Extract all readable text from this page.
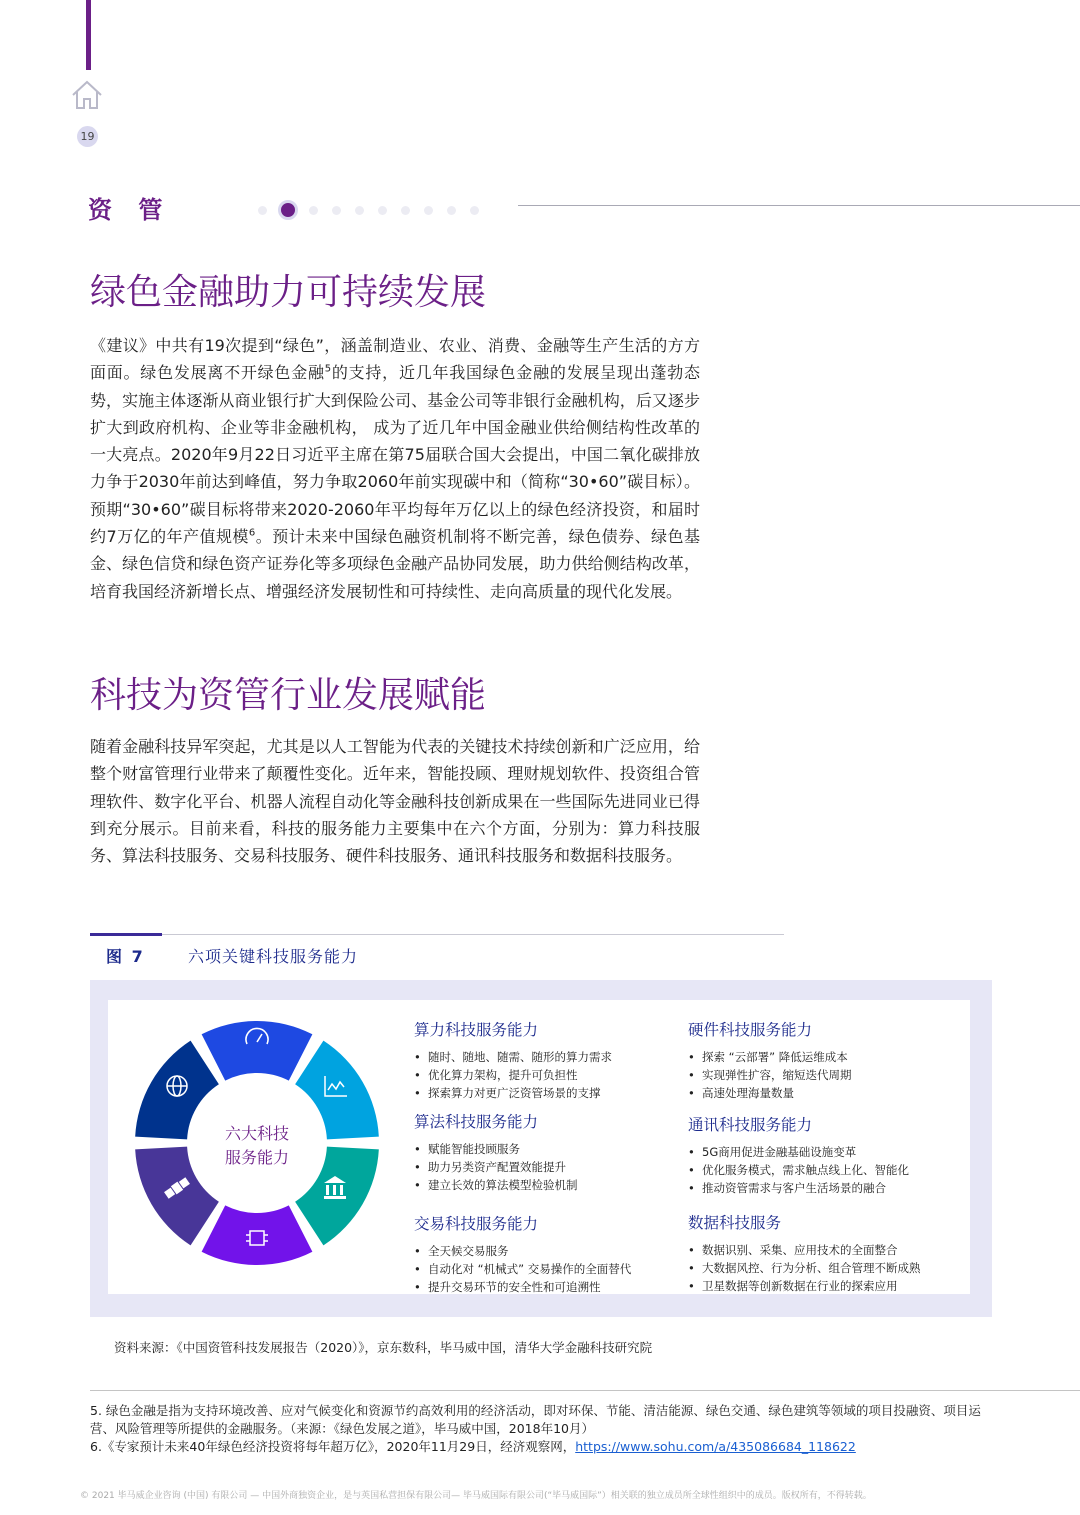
19
资 管
绿色金融助力可持续发展
《建议》中共有19次提到“绿色”，涵盖制造业、农业、消费、金融等生产生活的方方面面。绿色发展离不开绿色金融$^5$的支持，近几年我国绿色金融的发展呈现出蓬勃态势，实施主体逐渐从商业银行扩大到保险公司、基金公司等非银行金融机构，后又逐步扩大到政府机构、企业等非金融机构， 成为了近几年中国金融业供给侧结构性改革的一大亮点。2020年9月22日习近平主席在第75届联合国大会提出，中国二氧化碳排放力争于2030年前达到峰值，努力争取2060年前实现碳中和（简称“30•60”碳目标）。预期“30•60”碳目标将带来2020-2060年平均每年万亿以上的绿色经济投资，和届时约7万亿的年产值规模$^6$。预计未来中国绿色融资机制将不断完善，绿色债券、绿色基金、绿色信贷和绿色资产证券化等多项绿色金融产品协同发展，助力供给侧结构改革，培育我国经济新增长点、增强经济发展韧性和可持续性、走向高质量的现代化发展。
科技为资管行业发展赋能
随着金融科技异军突起，尤其是以人工智能为代表的关键技术持续创新和广泛应用，给整个财富管理行业带来了颠覆性变化。近年来，智能投顾、理财规划软件、投资组合管理软件、数字化平台、机器人流程自动化等金融科技创新成果在一些国际先进同业已得到充分展示。目前来看，科技的服务能力主要集中在六个方面，分别为：算力科技服务、算法科技服务、交易科技服务、硬件科技服务、通讯科技服务和数据科技服务。
图 7	六项关键科技服务能力
六大科技
服务能力
算力科技服务能力
• 随时、随地、随需、随形的算力需求
• 优化算力架构，提升可负担性
• 探索算力对更广泛资管场景的支撑
算法科技服务能力
• 赋能智能投顾服务
• 助力另类资产配置效能提升
• 建立长效的算法模型检验机制
交易科技服务能力
• 全天候交易服务
• 自动化对 “机械式” 交易操作的全面替代
• 提升交易环节的安全性和可追溯性
硬件科技服务能力
• 探索 “云部署” 降低运维成本
• 实现弹性扩容，缩短迭代周期
• 高速处理海量数量
通讯科技服务能力
• 5G商用促进金融基础设施变革
• 优化服务模式，需求触点线上化、智能化
• 推动资管需求与客户生活场景的融合
数据科技服务
• 数据识别、采集、应用技术的全面整合
• 大数据风控、行为分析、组合管理不断成熟
• 卫星数据等创新数据在行业的探索应用
资料来源：《中国资管科技发展报告（2020）》，京东数科，毕马威中国，清华大学金融科技研究院
5. 绿色金融是指为支持环境改善、应对气候变化和资源节约高效利用的经济活动，即对环保、节能、清洁能源、绿色交通、绿色建筑等领域的项目投融资、项目运营、风险管理等所提供的金融服务。（来源：《绿色发展之道》，毕马威中国，2018年10月）
6.《专家预计未来40年绿色经济投资将每年超万亿》，2020年11月29日，经济观察网，https://www.sohu.com/a/435086684_118622
© 2021 毕马威企业咨询 (中国) 有限公司 — 中国外商独资企业，是与英国私营担保有限公司— 毕马威国际有限公司(“毕马威国际”）相关联的独立成员所全球性组织中的成员。版权所有，不得转载。
